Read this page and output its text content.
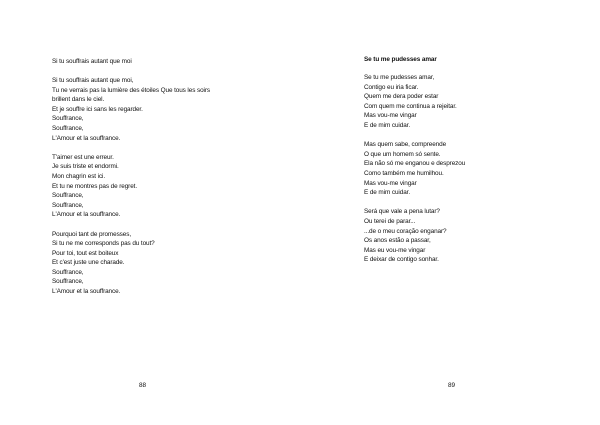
Si tu souffrais autant que moi
Si tu souffrais autant que moi,
Tu ne verrais pas la lumière des étoiles Que tous les soirs brillent dans le ciel.
Et je souffre ici sans les regarder.
Souffrance,
Souffrance,
L'Amour et la souffrance.
T'aimer est une erreur.
Je suis triste et endormi.
Mon chagrin est ici.
Et tu ne montres pas de regret.
Souffrance,
Souffrance,
L'Amour et la souffrance.
Pourquoi tant de promesses,
Si tu ne me corresponds pas du tout?
Pour toi, tout est boiteux
Et c'est juste une charade.
Souffrance,
Souffrance,
L'Amour et la souffrance.
88
Se tu me pudesses amar
Se tu me pudesses amar,
Contigo eu iria ficar.
Quem me dera poder estar
Com quem me continua a rejeitar.
Mas vou-me vingar
E de mim cuidar.
Mas quem sabe, compreende
O que um homem só sente.
Ela não só me enganou e desprezou
Como também me humilhou.
Mas vou-me vingar
E de mim cuidar.
Será que vale a pena lutar?
Ou terei de parar...
...de o meu coração enganar?
Os anos estão a passar,
Mas eu vou-me vingar
E deixar de contigo sonhar.
89
